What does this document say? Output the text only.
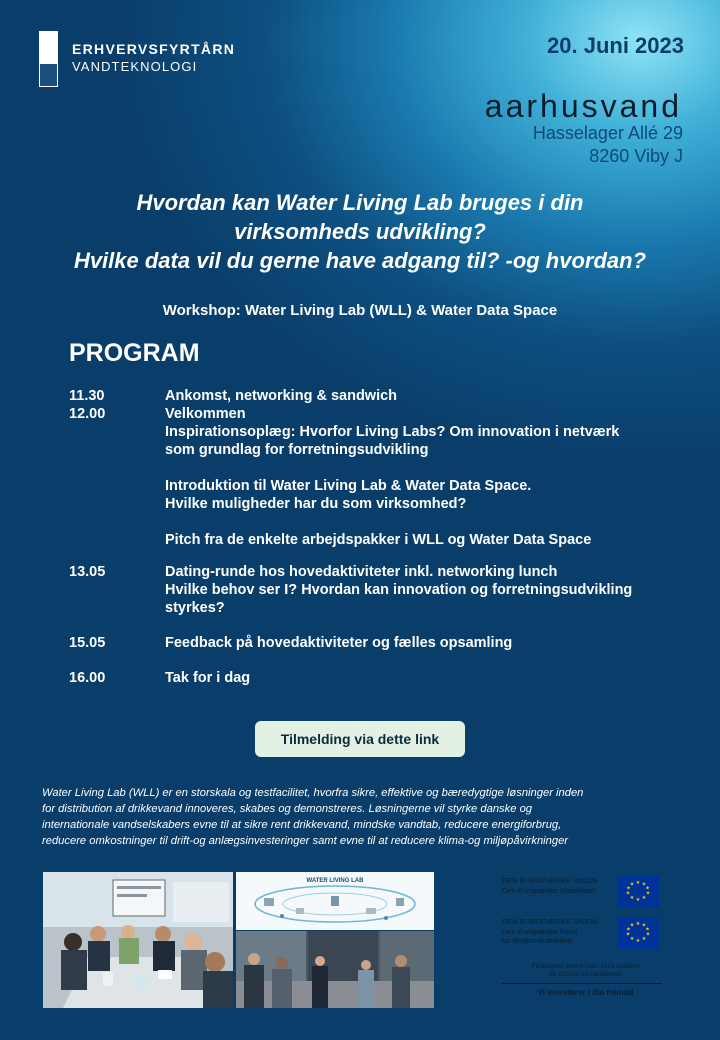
ERHVERVSFYRTÅRN
VANDTEKNOLOGI
20. Juni 2023
aarhusvand
Hasselager Allé 29
8260 Viby J
Hvordan kan Water Living Lab bruges i din
virksomheds udvikling?
Hvilke data vil du gerne have adgang til? -og hvordan?
Workshop: Water Living Lab (WLL) & Water Data Space
PROGRAM
11.30	Ankomst, networking & sandwich
12.00	Velkommen
Inspirationsoplæg: Hvorfor Living Labs? Om innovation i netværk
som grundlag for forretningsudvikling
Introduktion til Water Living Lab & Water Data Space.
Hvilke muligheder har du som virksomhed?
Pitch fra de enkelte arbejdspakker i WLL og Water Data Space
13.05	Dating-runde hos hovedaktiviteter inkl. networking lunch
Hvilke behov ser I? Hvordan kan innovation og forretningsudvikling
styrkes?
15.05	Feedback på hovedaktiviteter og fælles opsamling
16.00	Tak for i dag
Tilmelding via dette link
Water Living Lab (WLL) er en storskala og testfacilitet, hvorfra sikre, effektive og bæredygtige løsninger inden
for distribution af drikkevand innoveres, skabes og demonstreres. Løsningerne vil styrke danske og
internationale vandselskabers evne til at sikre rent drikkevand, mindske vandtab, reducere energiforbrug,
reducere omkostninger til drift-og anlægsinvesteringer samt evne til at reducere klima-og miljøpåvirkninger
WATER LIVING LAB	DEN EUROPÆISKE UNION
Den Europæiske Socialfond
★ ★
★
★
★
★
★
★
★
★
DEN EUROPÆISKE UNION
Den Europæiske Fond
for Regionaludvikling
★ ★
★
★
★
★
★
★
★
★
Finansieret som et led i EU's reaktion
på COVID-19-pandemien
Vi investerer i din fremtid
